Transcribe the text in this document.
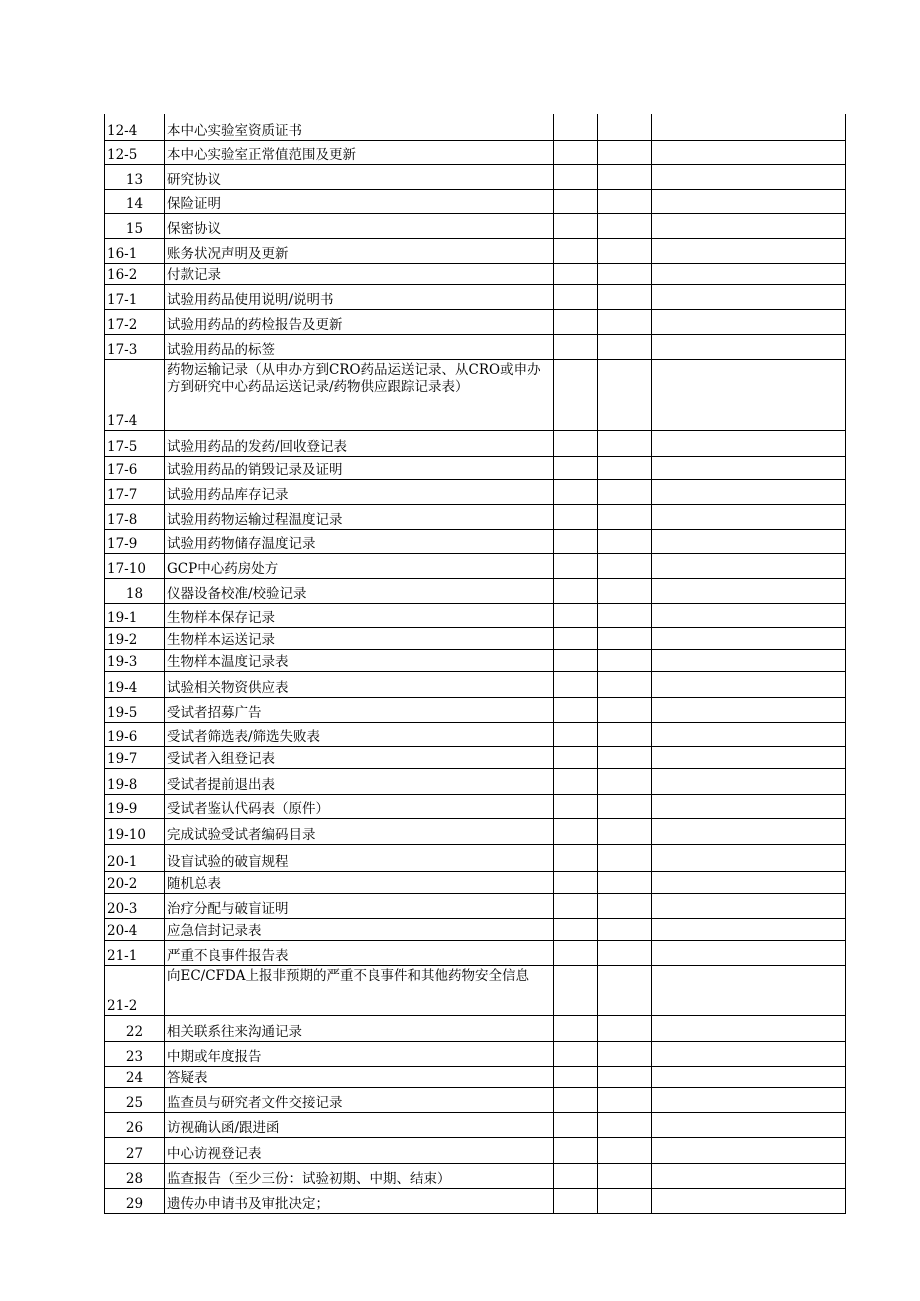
12-4	本中心实验室资质证书			
12-5	本中心实验室正常值范围及更新			
13	研究协议			
14	保险证明			
15	保密协议			
16-1	账务状况声明及更新			
16-2	付款记录			
17-1	试验用药品使用说明/说明书			
17-2	试验用药品的药检报告及更新			
17-3	试验用药品的标签			
17-4	药物运输记录（从申办方到CRO药品运送记录、从CRO或申办方到研究中心药品运送记录/药物供应跟踪记录表）			
17-5	试验用药品的发药/回收登记表			
17-6	试验用药品的销毁记录及证明			
17-7	试验用药品库存记录			
17-8	试验用药物运输过程温度记录			
17-9	试验用药物储存温度记录			
17-10	GCP中心药房处方			
18	仪器设备校准/校验记录			
19-1	生物样本保存记录			
19-2	生物样本运送记录			
19-3	生物样本温度记录表			
19-4	试验相关物资供应表			
19-5	受试者招募广告			
19-6	受试者筛选表/筛选失败表			
19-7	受试者入组登记表			
19-8	受试者提前退出表			
19-9	受试者鉴认代码表（原件）			
19-10	完成试验受试者编码目录			
20-1	设盲试验的破盲规程			
20-2	随机总表			
20-3	治疗分配与破盲证明			
20-4	应急信封记录表			
21-1	严重不良事件报告表			
21-2	向EC/CFDA上报非预期的严重不良事件和其他药物安全信息			
22	相关联系往来沟通记录			
23	中期或年度报告			
24	答疑表			
25	监查员与研究者文件交接记录			
26	访视确认函/跟进函			
27	中心访视登记表			
28	监查报告（至少三份：试验初期、中期、结束）			
29	遗传办申请书及审批决定；			
